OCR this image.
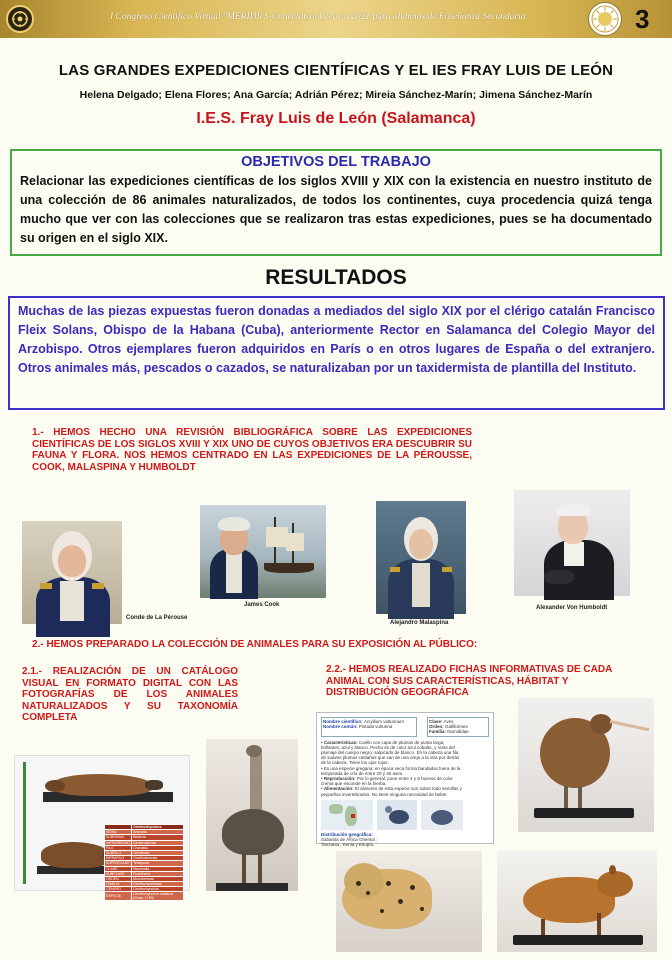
I Congreso Científico Virtual "MERIDIeS-ConectaConCiencia 2021 para alumnos de Enseñanza Secundaria	3
LAS GRANDES EXPEDICIONES CIENTÍFICAS Y EL IES FRAY LUIS DE LEÓN
Helena Delgado; Elena Flores; Ana García; Adrián Pérez; Mireia Sánchez-Marín; Jimena Sánchez-Marín
I.E.S. Fray Luis de León (Salamanca)
OBJETIVOS DEL TRABAJO
Relacionar las expediciones científicas de los siglos XVIII y XIX con la existencia en nuestro instituto de una colección de 86 animales naturalizados, de todos los continentes, cuya procedencia quizá tenga mucho que ver con las colecciones que se realizaron tras estas expediciones, pues se ha documentado su origen en el siglo XIX.
RESULTADOS
Muchas de las piezas expuestas fueron donadas a mediados del siglo XIX por el clérigo catalán Francisco Fleix Solans, Obispo de la Habana (Cuba), anteriormente Rector en Salamanca del Colegio Mayor del Arzobispo. Otros ejemplares fueron adquiridos en París o en otros lugares de España o del extranjero. Otros animales más, pescados o cazados, se naturalizaban por un taxidermista de plantilla del Instituto.
1.- HEMOS HECHO UNA REVISIÓN BIBLIOGRÁFICA SOBRE LAS EXPEDICIONES CIENTÍFICAS DE LOS SIGLOS XVIII Y XIX UNO DE CUYOS OBJETIVOS ERA DESCUBRIR SU FAUNA Y FLORA. NOS HEMOS CENTRADO EN LAS EXPEDICIONES DE LA PÉROUSSE, COOK, MALASPINA Y HUMBOLDT
Conde de La Pérouse
James Cook
Alejandro Malaspina
Alexander Von Humboldt
2.- HEMOS PREPARADO LA COLECCIÓN DE ANIMALES PARA SU EXPOSICIÓN AL PÚBLICO:
2.1.- REALIZACIÓN DE UN CATÁLOGO VISUAL EN FORMATO DIGITAL CON LAS FOTOGRAFÍAS DE LOS ANIMALES NATURALIZADOS Y SU TAXONOMÍA COMPLETA
2.2.- HEMOS REALIZADO FICHAS INFORMATIVAS DE CADA ANIMAL CON SUS CARACTERÍSTICAS, HÁBITAT Y DISTRIBUCIÓN GEOGRÁFICA
	Ornithorhynchus
REINO	Animalia
SUBREINO	Bilateria
INFRARREINO	Deuterostomia
FILO	Chordata
SUBFILO	Vertebrata
INFRAFILO	Gnathostomata
SUPERCLASE	Tetrapoda
CLASE	Mammalia
SUBCLASE	Prototheria
ORDEN	Monotremata
FAMILIA	Ornithorhynchidae
GÉNERO	Ornithorhynchus
ESPECIE	Ornithorhynchus anatinus (Shaw, 1799)
Nombre científico: Acryllium vulturinum
Nombre común: Pintada vulturina
Clase: Aves
Orden: Galliformes
Familia: Numididae
• Características: Cuello con capa de plumas de punta larga, brillantes, azul y blanco. Pecho es de color azul cobalto, y resto del plumaje del cuerpo negro, salpicado de blanco. En la cabeza una fila de suaves plumas castañas que van de una oreja a la otra por detrás de la cabeza. Tiene los ojos rojos.
• Es una especie gregaria; en época seca forma bandadas fuera de la temporada de cría de entre 20 y 40 aves.
• Reproducción: Por lo general, pone entre 4 y 8 huevos de color crema que esconde en la hierba.
• Alimentación: El alimento de esta especie son sobre todo semillas y pequeños invertebrados. No tiene ninguna necesidad de beber.
Distribución geográfica: Sabanas de África Oriental : Tanzania , Kenia y Etiopía.
